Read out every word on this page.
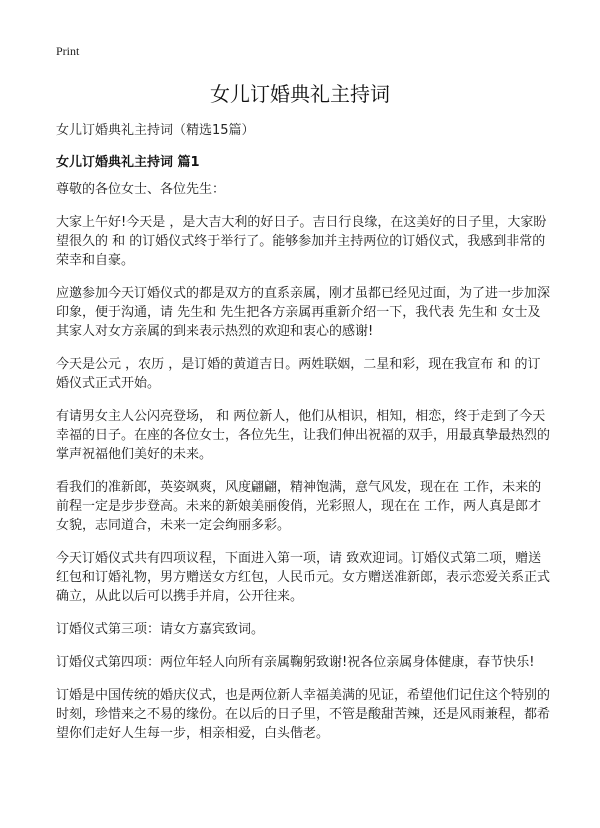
Print
女儿订婚典礼主持词
女儿订婚典礼主持词（精选15篇）
女儿订婚典礼主持词 篇1

尊敬的各位女士、各位先生：

大家上午好!今天是 ，是大吉大利的好日子。吉日行良缘，在这美好的日子里，大家盼望很久的 和 的订婚仪式终于举行了。能够参加并主持两位的订婚仪式，我感到非常的荣幸和自豪。

应邀参加今天订婚仪式的都是双方的直系亲属，刚才虽都已经见过面，为了进一步加深印象，便于沟通，请 先生和 先生把各方亲属再重新介绍一下，我代表 先生和 女士及其家人对女方亲属的到来表示热烈的欢迎和衷心的感谢!

今天是公元 ，农历 ，是订婚的黄道吉日。两姓联姻，二星和彩，现在我宣布 和 的订婚仪式正式开始。

有请男女主人公闪亮登场， 和 两位新人，他们从相识，相知，相恋，终于走到了今天幸福的日子。在座的各位女士，各位先生，让我们伸出祝福的双手，用最真挚最热烈的掌声祝福他们美好的未来。

看我们的准新郎，英姿飒爽，风度翩翩，精神饱满，意气风发，现在在 工作，未来的前程一定是步步登高。未来的新娘美丽俊俏，光彩照人，现在在 工作，两人真是郎才女貌，志同道合，未来一定会绚丽多彩。

今天订婚仪式共有四项议程，下面进入第一项，请 致欢迎词。订婚仪式第二项，赠送红包和订婚礼物，男方赠送女方红包，人民币元。女方赠送准新郎，表示恋爱关系正式确立，从此以后可以携手并肩，公开往来。

订婚仪式第三项：请女方嘉宾致词。

订婚仪式第四项：两位年轻人向所有亲属鞠躬致谢!祝各位亲属身体健康，春节快乐!

订婚是中国传统的婚庆仪式，也是两位新人幸福美满的见证，希望他们记住这个特别的时刻，珍惜来之不易的缘份。在以后的日子里，不管是酸甜苦辣，还是风雨兼程，都希望你们走好人生每一步，相亲相爱，白头偕老。
